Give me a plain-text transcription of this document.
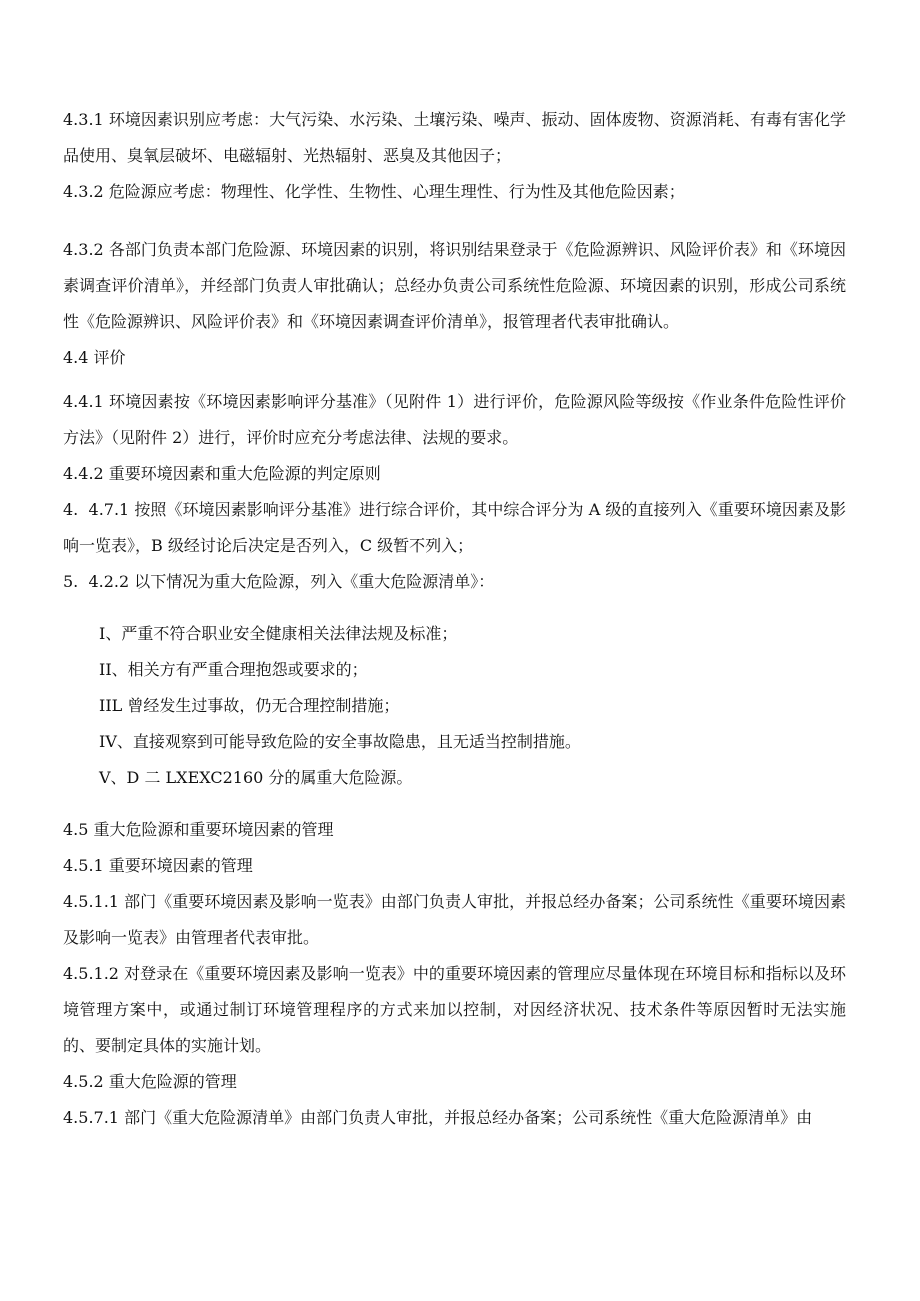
4.3.1 环境因素识别应考虑：大气污染、水污染、土壤污染、噪声、振动、固体废物、资源消耗、有毒有害化学品使用、臭氧层破坏、电磁辐射、光热辐射、恶臭及其他因子；

4.3.2 危险源应考虑：物理性、化学性、生物性、心理生理性、行为性及其他危险因素；

4.3.2 各部门负责本部门危险源、环境因素的识别，将识别结果登录于《危险源辨识、风险评价表》和《环境因素调查评价清单》，并经部门负责人审批确认；总经办负责公司系统性危险源、环境因素的识别，形成公司系统性《危险源辨识、风险评价表》和《环境因素调查评价清单》，报管理者代表审批确认。

4.4 评价

4.4.1 环境因素按《环境因素影响评分基准》（见附件 1）进行评价，危险源风险等级按《作业条件危险性评价方法》（见附件 2）进行，评价时应充分考虑法律、法规的要求。

4.4.2 重要环境因素和重大危险源的判定原则

4.  4.7.1 按照《环境因素影响评分基准》进行综合评价，其中综合评分为 A 级的直接列入《重要环境因素及影响一览表》，B 级经讨论后决定是否列入，C 级暂不列入；

5.  4.2.2 以下情况为重大危险源，列入《重大危险源清单》：

I、严重不符合职业安全健康相关法律法规及标准；

II、相关方有严重合理抱怨或要求的；

IIL 曾经发生过事故，仍无合理控制措施；

IV、直接观察到可能导致危险的安全事故隐患，且无适当控制措施。

V、D 二 LXEXC2160 分的属重大危险源。

4.5 重大危险源和重要环境因素的管理

4.5.1 重要环境因素的管理

4.5.1.1 部门《重要环境因素及影响一览表》由部门负责人审批，并报总经办备案；公司系统性《重要环境因素及影响一览表》由管理者代表审批。

4.5.1.2 对登录在《重要环境因素及影响一览表》中的重要环境因素的管理应尽量体现在环境目标和指标以及环境管理方案中，或通过制订环境管理程序的方式来加以控制，对因经济状况、技术条件等原因暂时无法实施的、要制定具体的实施计划。

4.5.2 重大危险源的管理

4.5.7.1 部门《重大危险源清单》由部门负责人审批，并报总经办备案；公司系统性《重大危险源清单》由
